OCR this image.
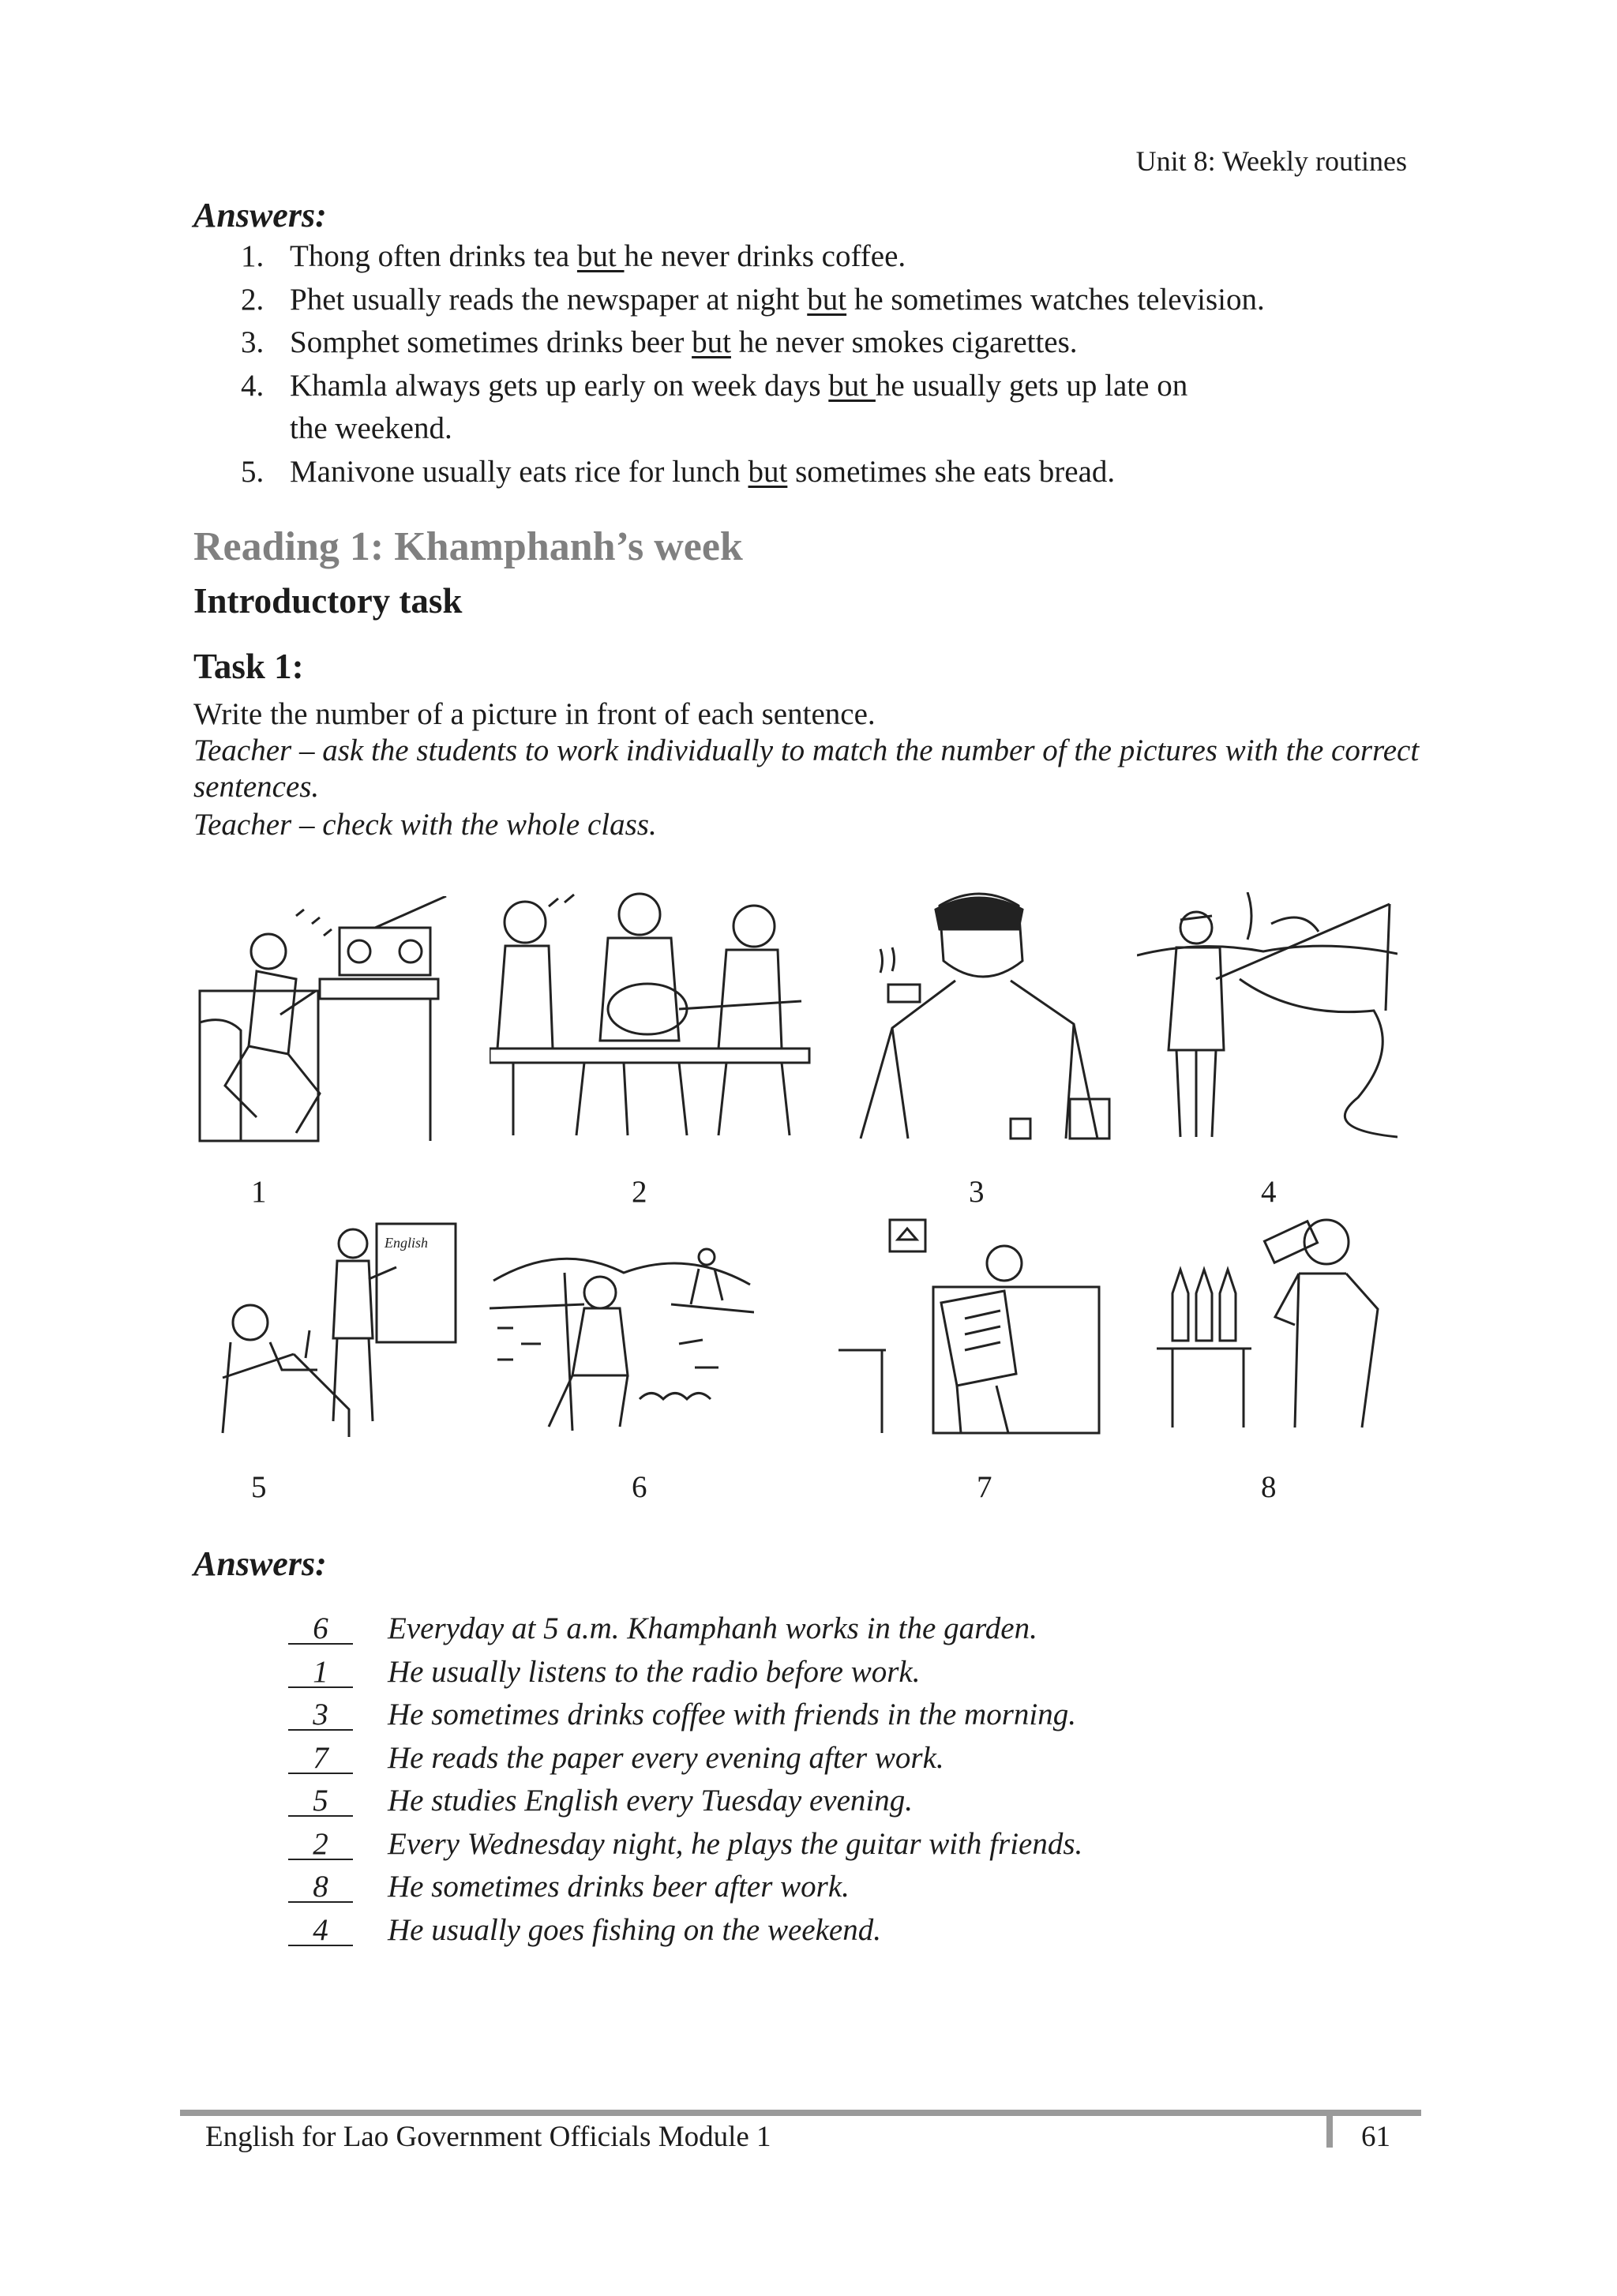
Unit 8: Weekly routines
Answers:
1. Thong often drinks tea but he never drinks coffee.
2. Phet usually reads the newspaper at night but he sometimes watches television.
3. Somphet sometimes drinks beer but he never smokes cigarettes.
4. Khamla always gets up early on week days but he usually gets up late on the weekend.
5. Manivone usually eats rice for lunch but sometimes she eats bread.
Reading 1: Khamphanh’s week
Introductory task
Task 1:
Write the number of a picture in front of each sentence.
Teacher – ask the students to work individually to match the number of the pictures with the correct sentences.
Teacher – check with the whole class.
1	2	3	4
English
5	6	7	8
Answers:
6	Everyday at 5 a.m. Khamphanh works in the garden.
1	He usually listens to the radio before work.
3	He sometimes drinks coffee with friends in the morning.
7	He reads the paper every evening after work.
5	He studies English every Tuesday evening.
2	Every Wednesday night, he plays the guitar with friends.
8	He sometimes drinks beer after work.
4	He usually goes fishing on the weekend.
English for Lao Government Officials Module 1	61
